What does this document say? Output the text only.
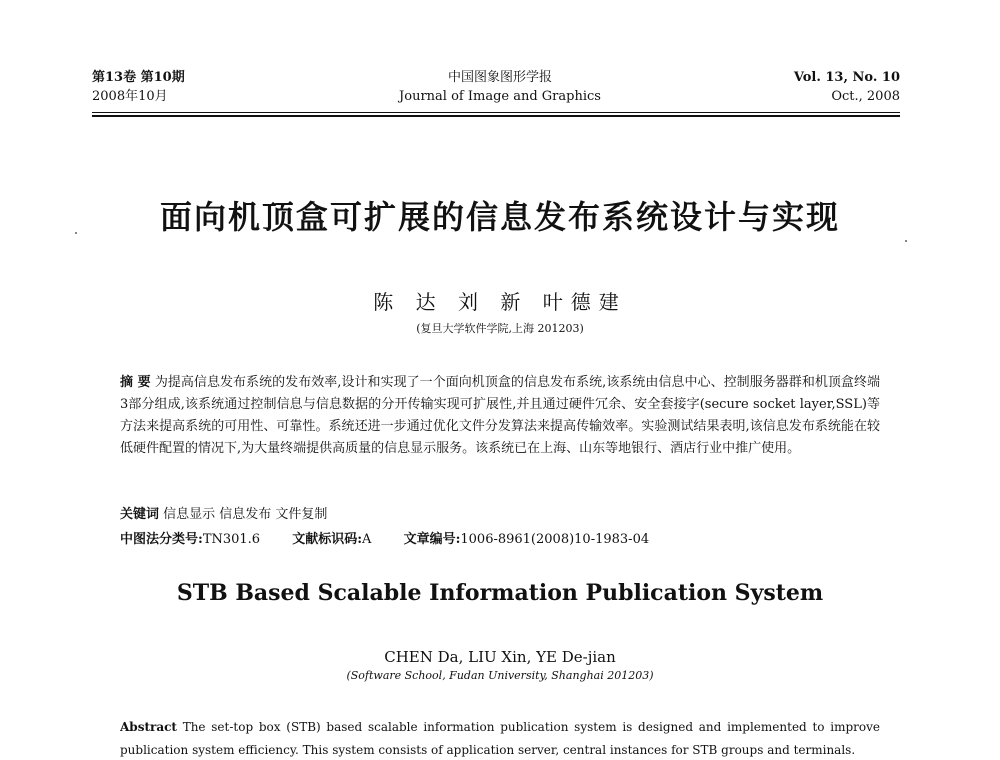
第13卷 第10期
2008年10月
中国图象图形学报
Journal of Image and Graphics
Vol. 13, No. 10
Oct., 2008
面向机顶盒可扩展的信息发布系统设计与实现
陈 达 刘 新 叶德建
(复旦大学软件学院,上海 201203)
摘 要 为提高信息发布系统的发布效率,设计和实现了一个面向机顶盒的信息发布系统,该系统由信息中心、控制服务器群和机顶盒终端3部分组成,该系统通过控制信息与信息数据的分开传输实现可扩展性,并且通过硬件冗余、安全套接字(secure socket layer,SSL)等方法来提高系统的可用性、可靠性。系统还进一步通过优化文件分发算法来提高传输效率。实验测试结果表明,该信息发布系统能在较低硬件配置的情况下,为大量终端提供高质量的信息显示服务。该系统已在上海、山东等地银行、酒店行业中推广使用。
关键词 信息显示 信息发布 文件复制
中图法分类号:TN301.6 文献标识码:A 文章编号:1006-8961(2008)10-1983-04
STB Based Scalable Information Publication System
CHEN Da, LIU Xin, YE De-jian
(Software School, Fudan University, Shanghai 201203)
Abstract The set-top box (STB) based scalable information publication system is designed and implemented to improve publication system efficiency. This system consists of application server, central instances for STB groups and terminals.
